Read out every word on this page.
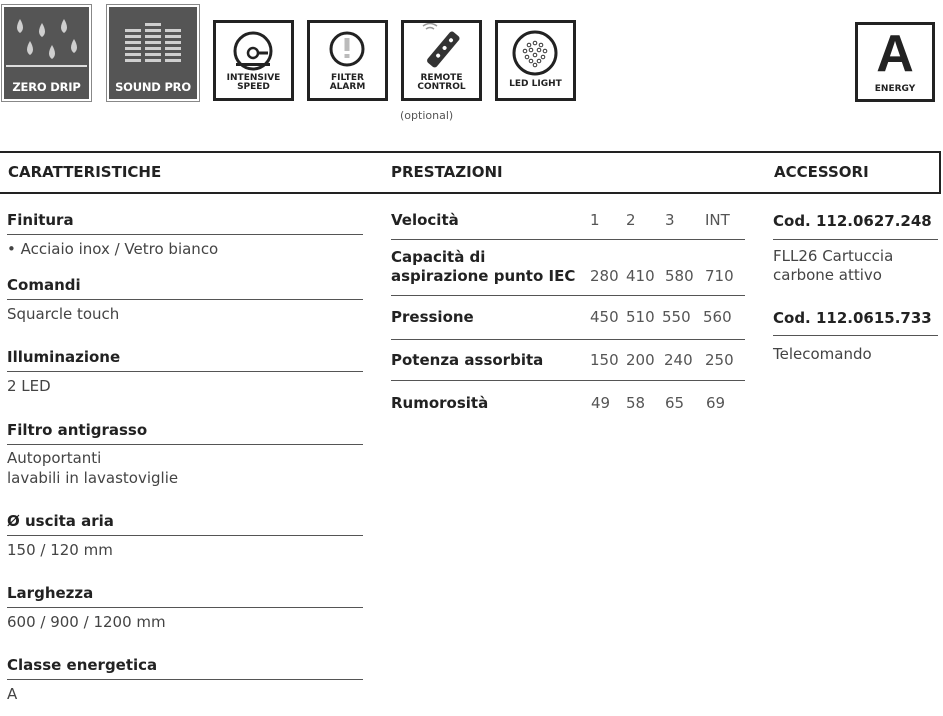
ZERO DRIP	SOUND PRO
INTENSIVE
SPEED
FILTER
ALARM
REMOTE
CONTROL
(optional)
LED LIGHT
A
ENERGY
CARATTERISTICHE	PRESTAZIONI	ACCESSORI
Finitura
• Acciaio inox / Vetro bianco
Comandi
Squarcle touch
Illuminazione
2 LED
Filtro antigrasso
Autoportanti
lavabili in lavastoviglie
Ø uscita aria
150 / 120 mm
Larghezza
600 / 900 / 1200 mm
Classe energetica
A
Velocità	1 2 3 INT
Capacità di
aspirazione punto IEC 280 410 580 710
Pressione	450 510 550 560
Potenza assorbita	150 200 240 250
Rumorosità	49 58 65 69
Cod. 112.0627.248
FLL26 Cartuccia
carbone attivo
Cod. 112.0615.733
Telecomando
